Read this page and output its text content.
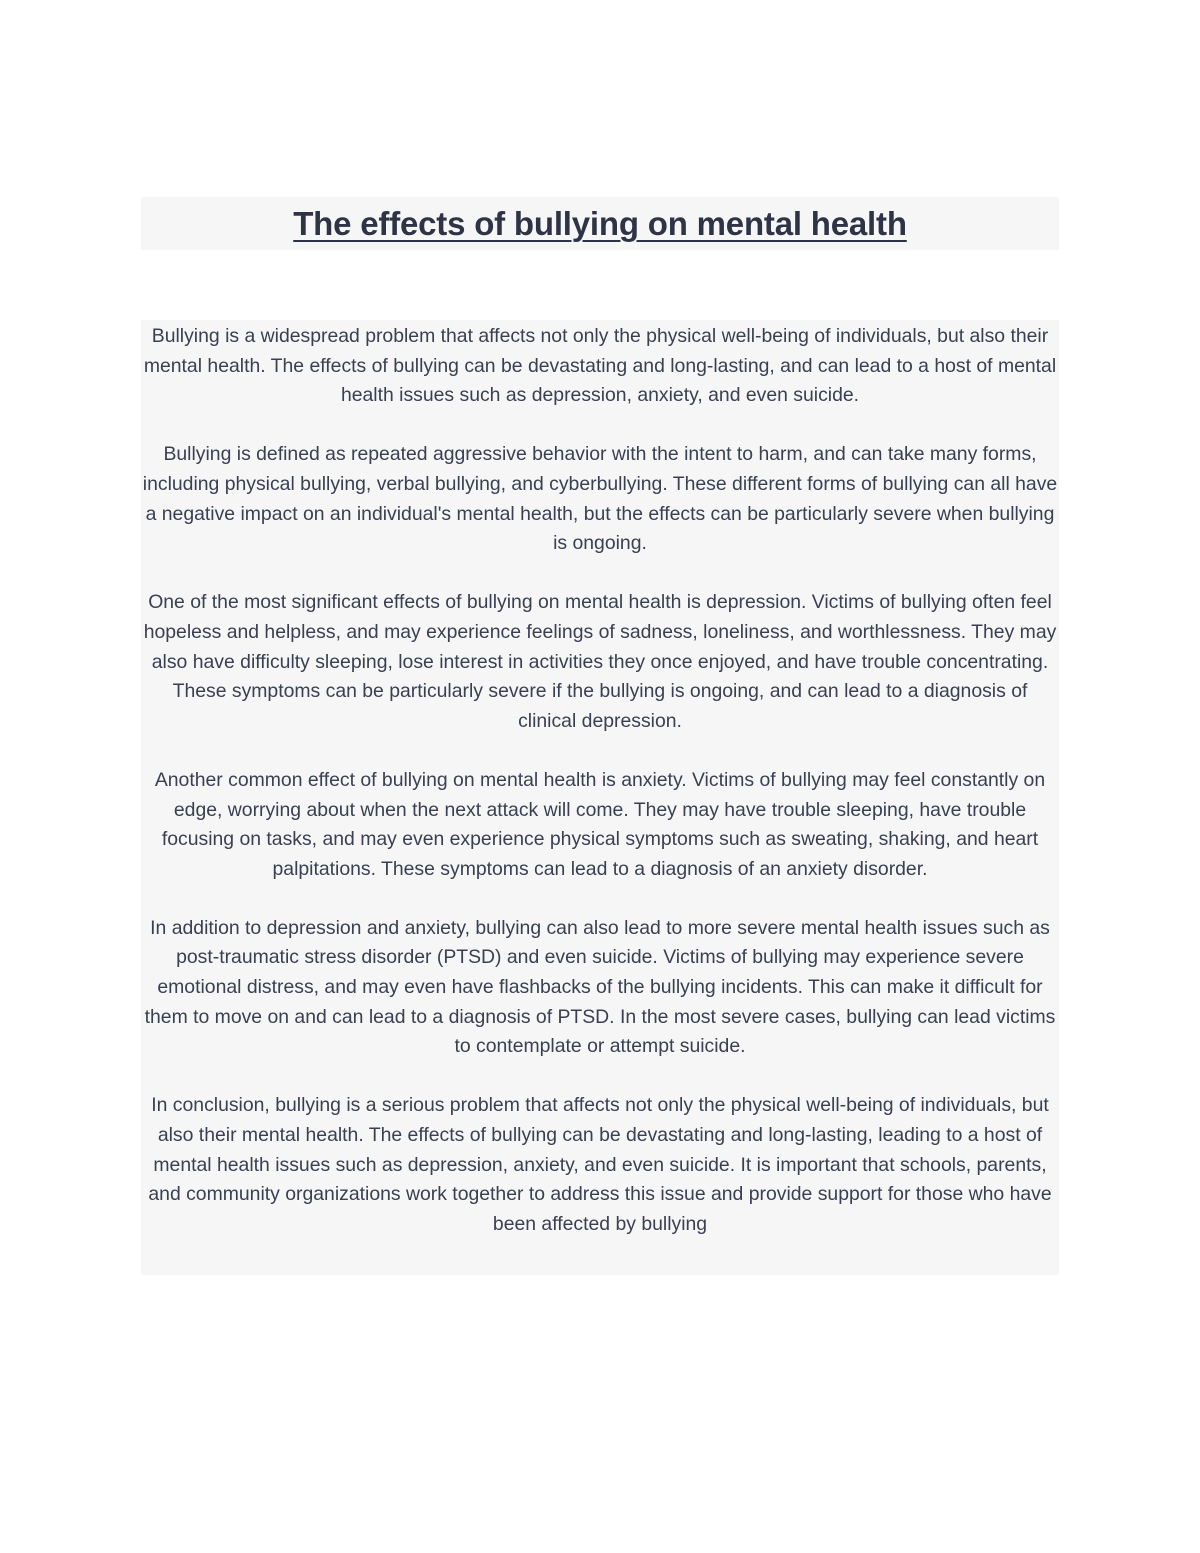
The effects of bullying on mental health

Bullying is a widespread problem that affects not only the physical well-being of individuals, but also their mental health. The effects of bullying can be devastating and long-lasting, and can lead to a host of mental health issues such as depression, anxiety, and even suicide.

Bullying is defined as repeated aggressive behavior with the intent to harm, and can take many forms, including physical bullying, verbal bullying, and cyberbullying. These different forms of bullying can all have a negative impact on an individual's mental health, but the effects can be particularly severe when bullying is ongoing.

One of the most significant effects of bullying on mental health is depression. Victims of bullying often feel hopeless and helpless, and may experience feelings of sadness, loneliness, and worthlessness. They may also have difficulty sleeping, lose interest in activities they once enjoyed, and have trouble concentrating. These symptoms can be particularly severe if the bullying is ongoing, and can lead to a diagnosis of clinical depression.

Another common effect of bullying on mental health is anxiety. Victims of bullying may feel constantly on edge, worrying about when the next attack will come. They may have trouble sleeping, have trouble focusing on tasks, and may even experience physical symptoms such as sweating, shaking, and heart palpitations. These symptoms can lead to a diagnosis of an anxiety disorder.

In addition to depression and anxiety, bullying can also lead to more severe mental health issues such as post-traumatic stress disorder (PTSD) and even suicide. Victims of bullying may experience severe emotional distress, and may even have flashbacks of the bullying incidents. This can make it difficult for them to move on and can lead to a diagnosis of PTSD. In the most severe cases, bullying can lead victims to contemplate or attempt suicide.

In conclusion, bullying is a serious problem that affects not only the physical well-being of individuals, but also their mental health. The effects of bullying can be devastating and long-lasting, leading to a host of mental health issues such as depression, anxiety, and even suicide. It is important that schools, parents, and community organizations work together to address this issue and provide support for those who have been affected by bullying
